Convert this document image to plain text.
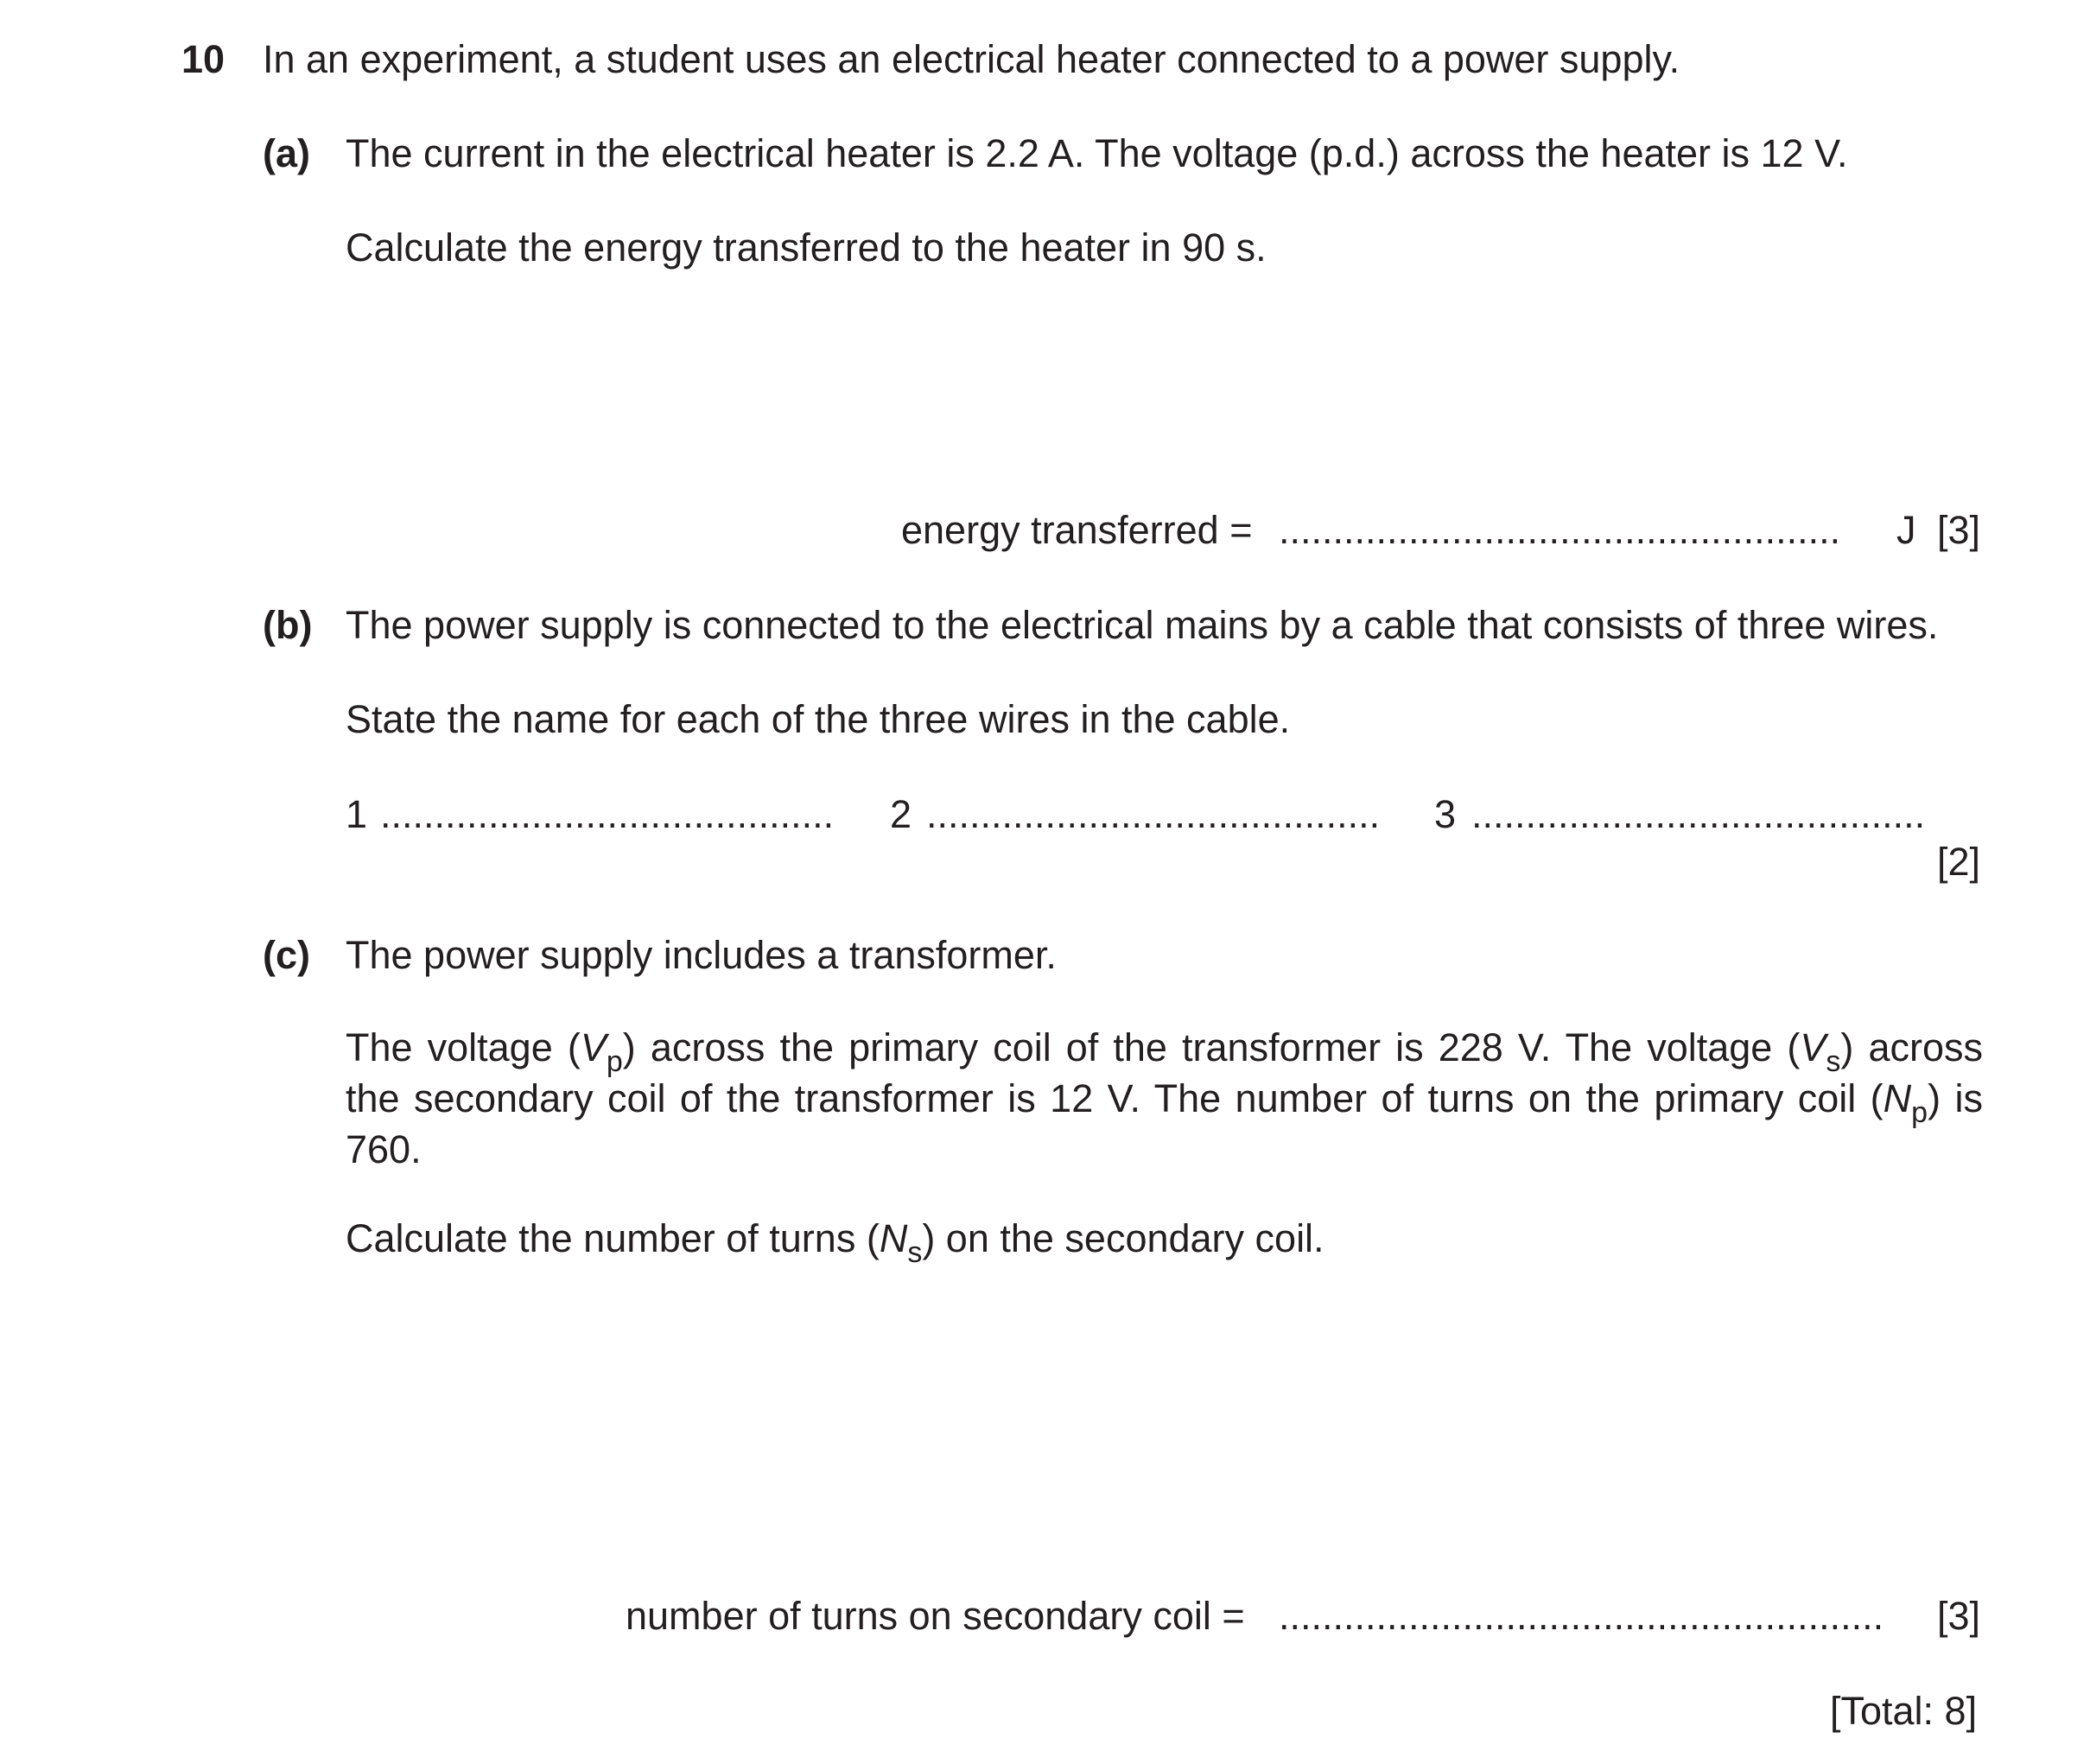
10 In an experiment, a student uses an electrical heater connected to a power supply.
(a) The current in the electrical heater is 2.2 A. The voltage (p.d.) across the heater is 12 V.
Calculate the energy transferred to the heater in 90 s.
energy transferred = ....................................................	J [3]
(b) The power supply is connected to the electrical mains by a cable that consists of three wires.
State the name for each of the three wires in the cable.
1 ..........................................	2 ..........................................	3 ..........................................
[2]
(c) The power supply includes a transformer.
The voltage $(V_p)$ across the primary coil of the transformer is 228 V. The voltage $(V_s)$ across the secondary coil of the transformer is 12 V. The number of turns on the primary coil $(N_p)$ is 760.
Calculate the number of turns $(N_s)$ on the secondary coil.
number of turns on secondary coil = ........................................................	[3]
[Total: 8]
